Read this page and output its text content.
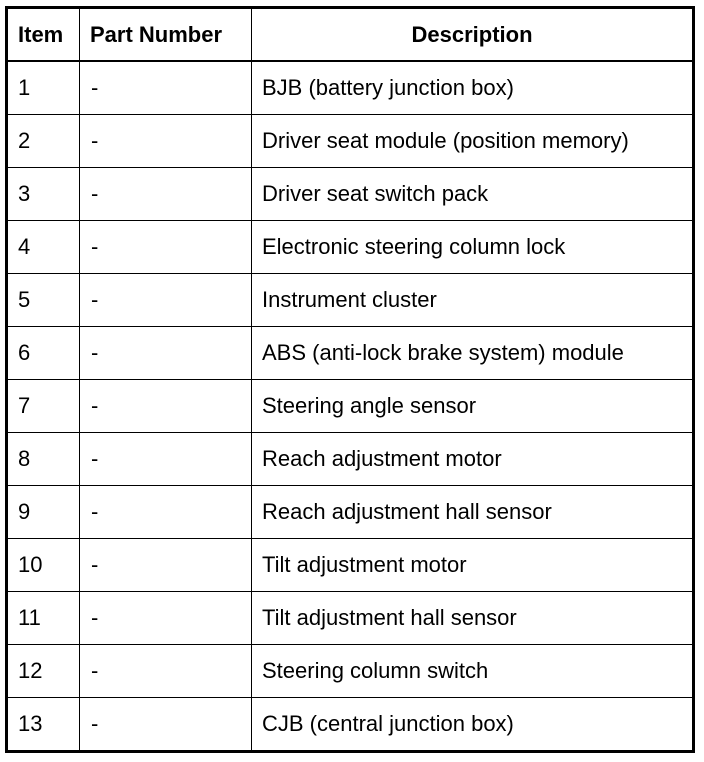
Item	Part Number	Description
1	-	BJB (battery junction box)
2	-	Driver seat module (position memory)
3	-	Driver seat switch pack
4	-	Electronic steering column lock
5	-	Instrument cluster
6	-	ABS (anti-lock brake system) module
7	-	Steering angle sensor
8	-	Reach adjustment motor
9	-	Reach adjustment hall sensor
10	-	Tilt adjustment motor
11	-	Tilt adjustment hall sensor
12	-	Steering column switch
13	-	CJB (central junction box)
